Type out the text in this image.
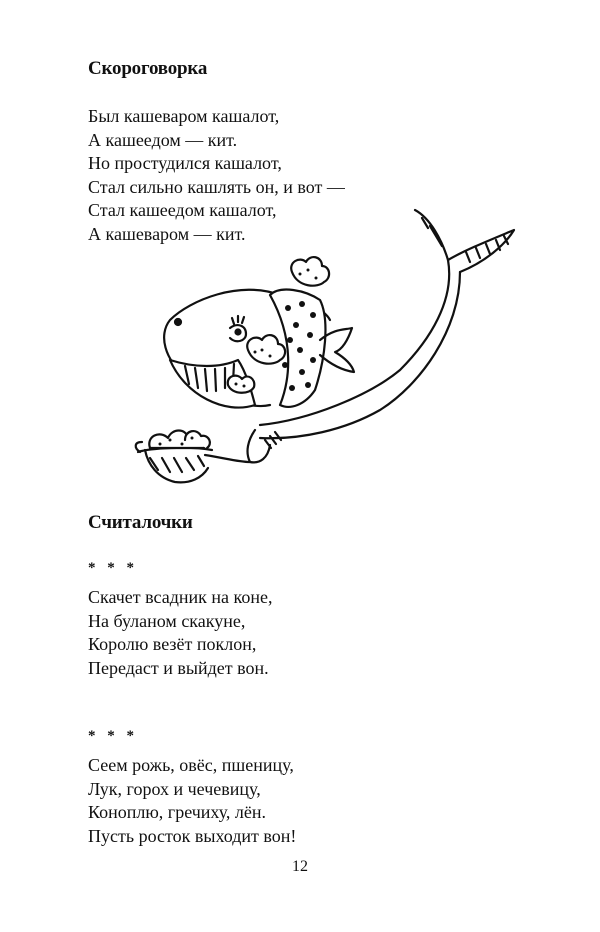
Скороговорка
Был кашеваром кашалот,
А кашеедом — кит.
Но простудился кашалот,
Стал сильно кашлять он, и вот —
Стал кашеедом кашалот,
А кашеваром — кит.
Считалочки
* * *
Скачет всадник на коне,
На буланом скакуне,
Королю везёт поклон,
Передаст и выйдет вон.
* * *
Сеем рожь, овёс, пшеницу,
Лук, горох и чечевицу,
Коноплю, гречиху, лён.
Пусть росток выходит вон!
12
